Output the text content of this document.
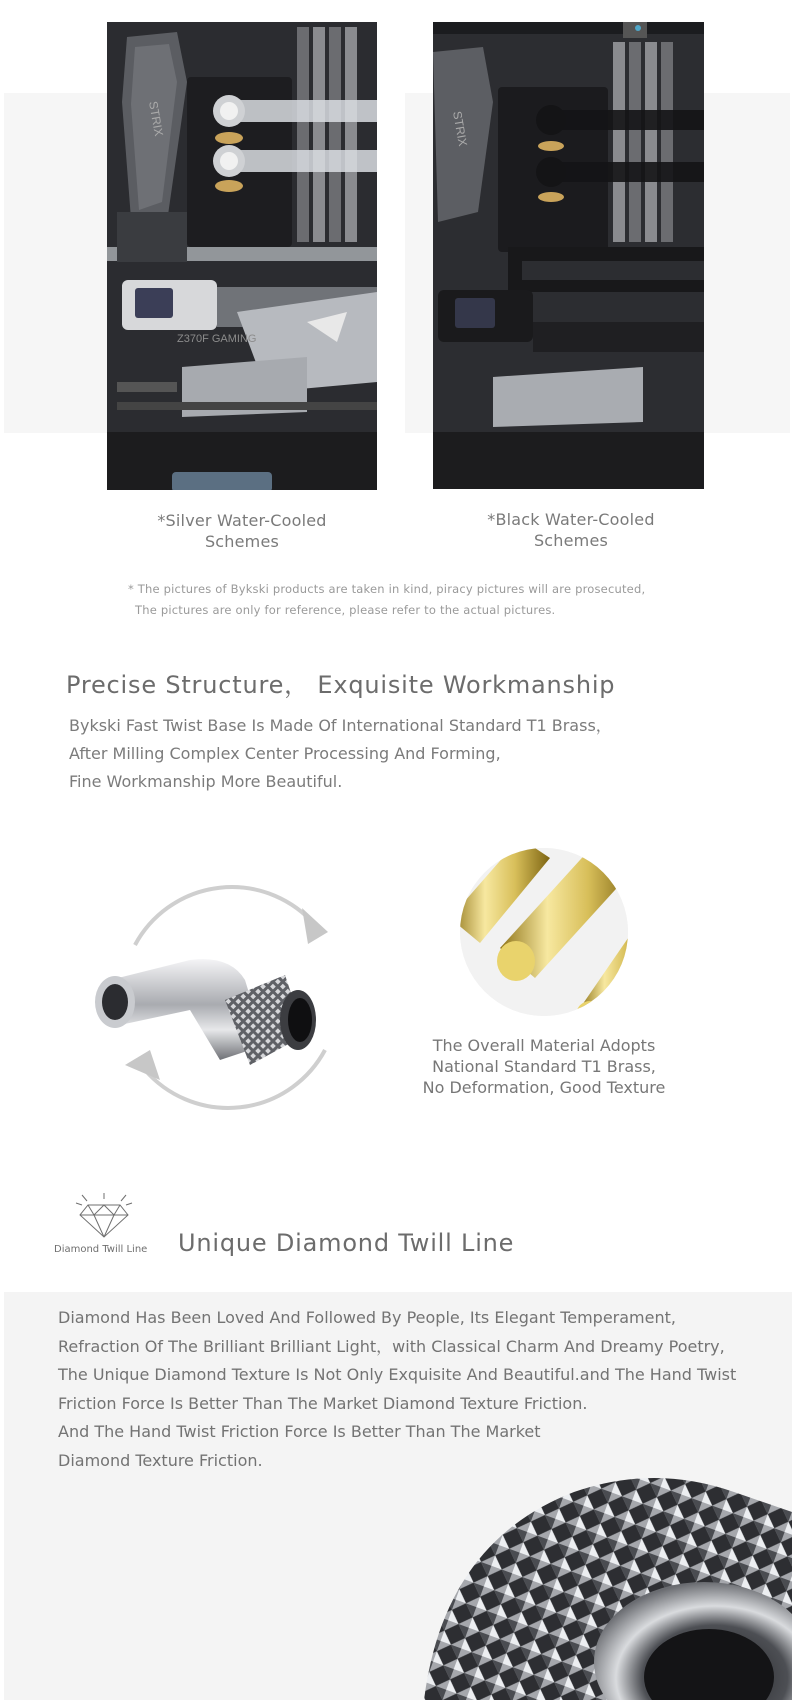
STRIX
Z370F GAMING
STRIX
*Silver Water-Cooled
Schemes
*Black Water-Cooled
Schemes
* The pictures of Bykski products are taken in kind, piracy pictures will are prosecuted,
The pictures are only for reference, please refer to the actual pictures.
Precise Structure， Exquisite Workmanship
Bykski Fast Twist Base Is Made Of International Standard T1 Brass，
After Milling Complex Center Processing And Forming,
Fine Workmanship More Beautiful.
The Overall Material Adopts
National Standard T1 Brass,
No Deformation, Good Texture
Diamond Twill Line Unique Diamond Twill Line
Diamond Has Been Loved And Followed By People, Its Elegant Temperament,
Refraction Of The Brilliant Brilliant Light，with Classical Charm And Dreamy Poetry,
The Unique Diamond Texture Is Not Only Exquisite And Beautiful.and The Hand Twist
Friction Force Is Better Than The Market Diamond Texture Friction.
And The Hand Twist Friction Force Is Better Than The Market
Diamond Texture Friction.
